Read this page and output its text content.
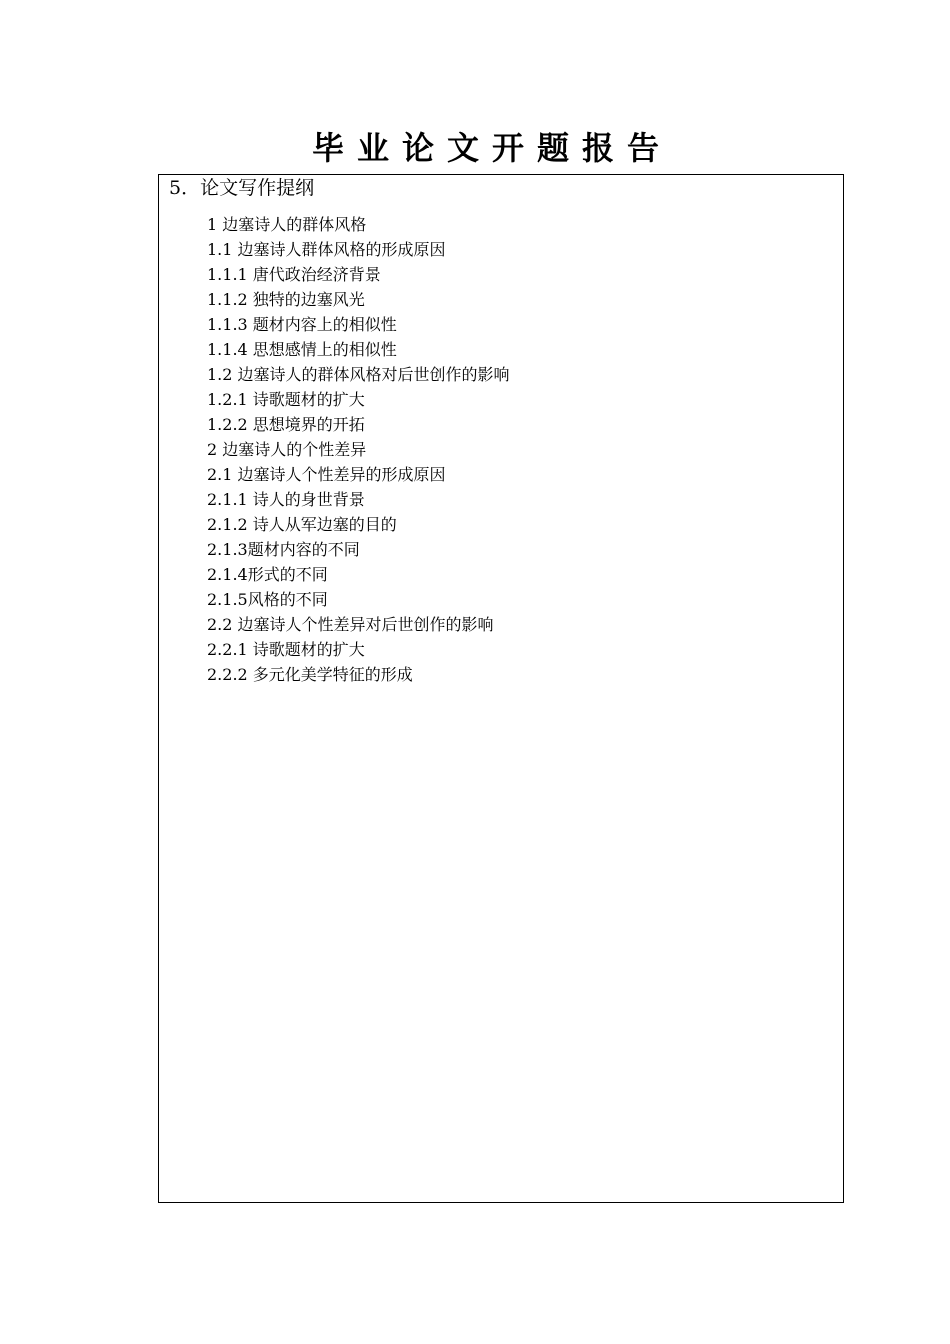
毕业论文开题报告
5．论文写作提纲
1 边塞诗人的群体风格
1.1 边塞诗人群体风格的形成原因
1.1.1 唐代政治经济背景
1.1.2 独特的边塞风光
1.1.3 题材内容上的相似性
1.1.4 思想感情上的相似性
1.2 边塞诗人的群体风格对后世创作的影响
1.2.1 诗歌题材的扩大
1.2.2 思想境界的开拓
2 边塞诗人的个性差异
2.1 边塞诗人个性差异的形成原因
2.1.1 诗人的身世背景
2.1.2 诗人从军边塞的目的
2.1.3题材内容的不同
2.1.4形式的不同
2.1.5风格的不同
2.2 边塞诗人个性差异对后世创作的影响
2.2.1 诗歌题材的扩大
2.2.2 多元化美学特征的形成
